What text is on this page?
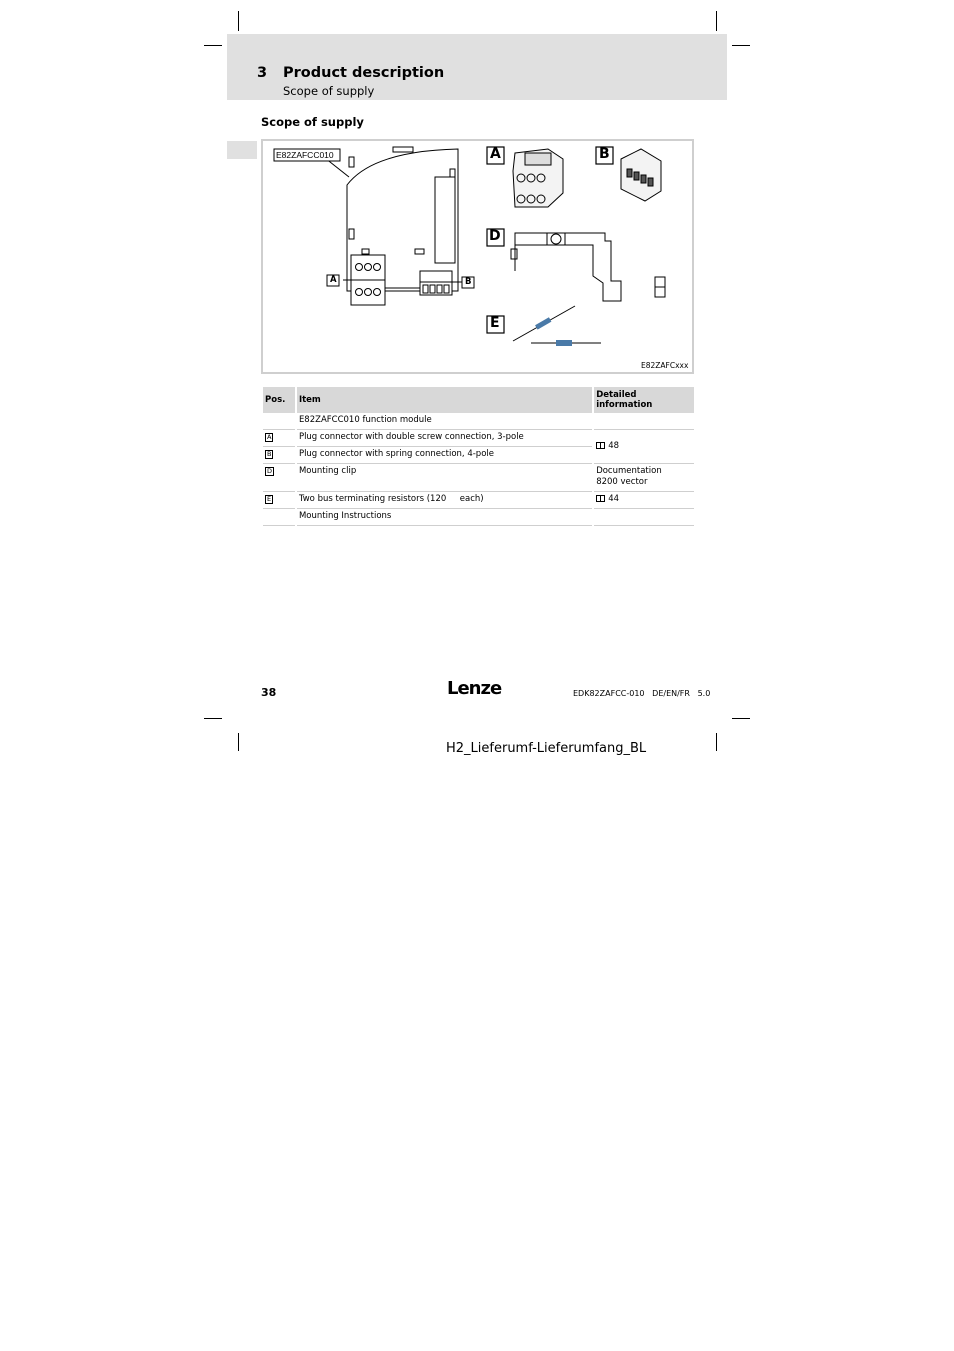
3 Product description
Scope of supply
Scope of supply
E82ZAFCC010
A	B
A	B
D
E
E82ZAFCxxx
Pos.	Item	Detailed information
	E82ZAFCC010 function module	
A	Plug connector with double screw connection, 3-pole	48
B	Plug connector with spring connection, 4-pole	
D	Mounting clip	Documentation
8200 vector

E	Two bus terminating resistors (120     each)	44
	Mounting Instructions	
38	Lenze	EDK82ZAFCC-010   DE/EN/FR   5.0
H2_Lieferumf-Lieferumfang_BL
